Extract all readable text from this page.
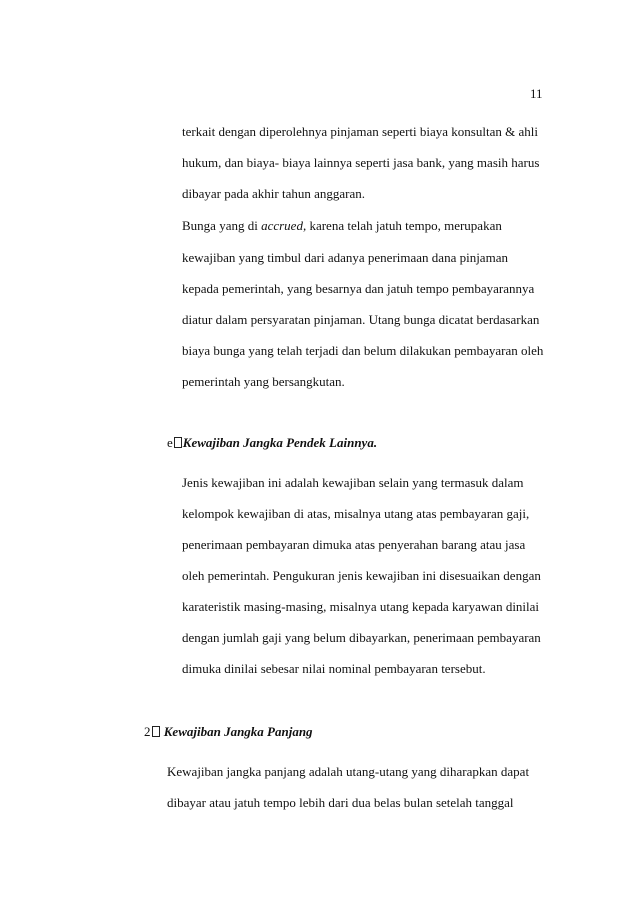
11
terkait dengan diperolehnya pinjaman seperti biaya konsultan & ahli
hukum, dan biaya- biaya lainnya seperti jasa bank, yang masih harus
dibayar pada akhir tahun anggaran.
Bunga yang di accrued, karena telah jatuh tempo, merupakan
kewajiban yang timbul dari adanya penerimaan dana pinjaman
kepada pemerintah, yang besarnya dan jatuh tempo pembayarannya
diatur dalam persyaratan pinjaman. Utang bunga dicatat berdasarkan
biaya bunga yang telah terjadi dan belum dilakukan pembayaran oleh
pemerintah yang bersangkutan.
e Kewajiban Jangka Pendek Lainnya.
Jenis kewajiban ini adalah kewajiban selain yang termasuk dalam
kelompok kewajiban di atas, misalnya utang atas pembayaran gaji,
penerimaan pembayaran dimuka atas penyerahan barang atau jasa
oleh pemerintah. Pengukuran jenis kewajiban ini disesuaikan dengan
karateristik masing-masing, misalnya utang kepada karyawan dinilai
dengan jumlah gaji yang belum dibayarkan, penerimaan pembayaran
dimuka dinilai sebesar nilai nominal pembayaran tersebut.
2 Kewajiban Jangka Panjang
Kewajiban jangka panjang adalah utang-utang yang diharapkan dapat
dibayar atau jatuh tempo lebih dari dua belas bulan setelah tanggal
